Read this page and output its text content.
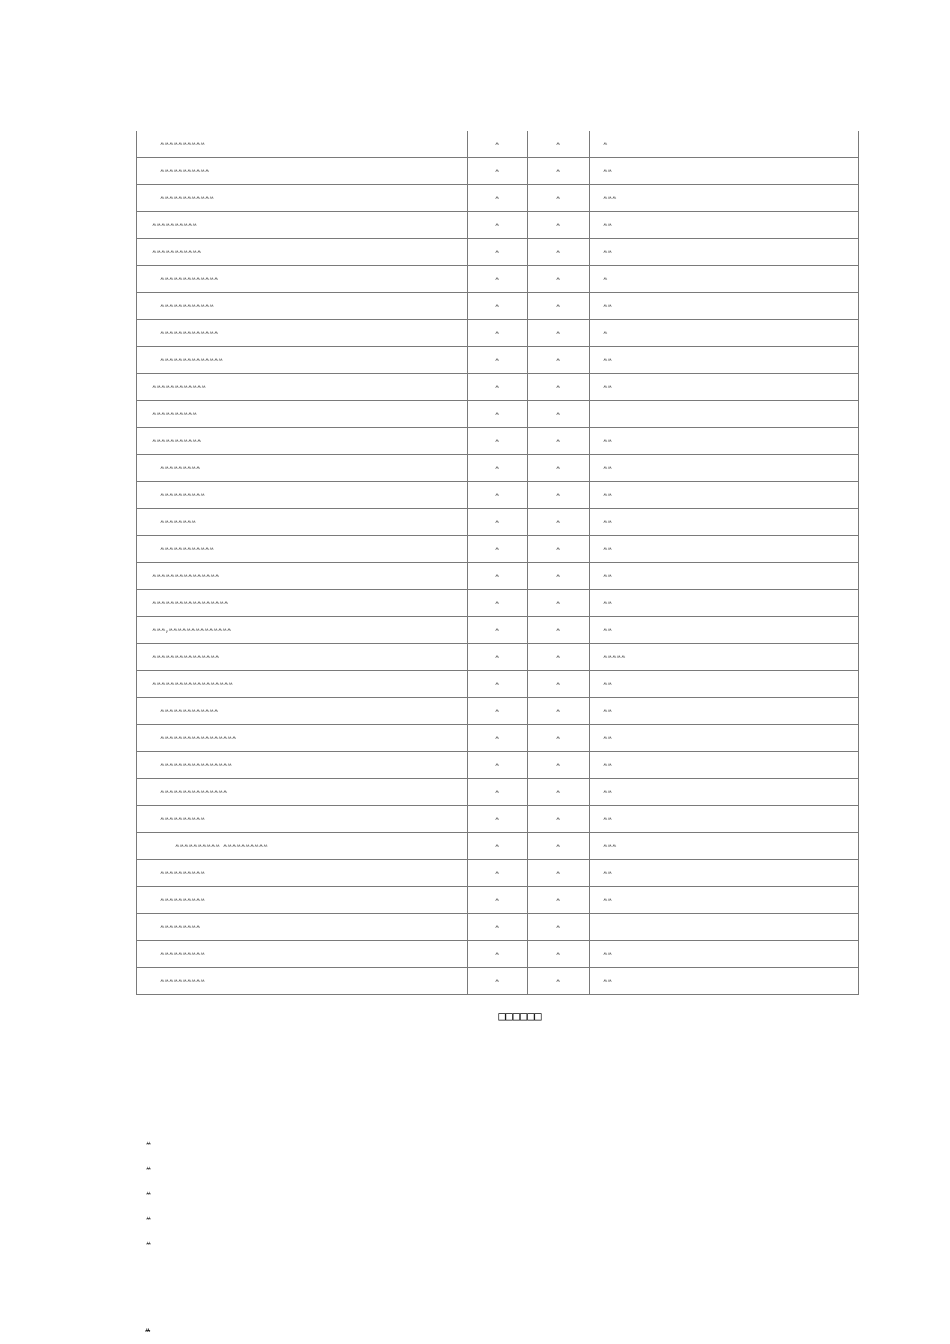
ꕀꕀꕀꕀꕀꕀꕀꕀꕀꕀ	ꕀ	ꕀ	ꕀ
ꕀꕀꕀꕀꕀꕀꕀꕀꕀꕀꕀ	ꕀ	ꕀ	ꕀꕀ
ꕀꕀꕀꕀꕀꕀꕀꕀꕀꕀꕀꕀ	ꕀ	ꕀ	ꕀꕀꕀ
ꕀꕀꕀꕀꕀꕀꕀꕀꕀꕀ	ꕀ	ꕀ	ꕀꕀ
ꕀꕀꕀꕀꕀꕀꕀꕀꕀꕀꕀ	ꕀ	ꕀ	ꕀꕀ
ꕀꕀꕀꕀꕀꕀꕀꕀꕀꕀꕀꕀꕀ	ꕀ	ꕀ	ꕀ
ꕀꕀꕀꕀꕀꕀꕀꕀꕀꕀꕀꕀ	ꕀ	ꕀ	ꕀꕀ
ꕀꕀꕀꕀꕀꕀꕀꕀꕀꕀꕀꕀꕀ	ꕀ	ꕀ	ꕀ
ꕀꕀꕀꕀꕀꕀꕀꕀꕀꕀꕀꕀꕀꕀ	ꕀ	ꕀ	ꕀꕀ
ꕀꕀꕀꕀꕀꕀꕀꕀꕀꕀꕀꕀ	ꕀ	ꕀ	ꕀꕀ
ꕀꕀꕀꕀꕀꕀꕀꕀꕀꕀ	ꕀ	ꕀ	
ꕀꕀꕀꕀꕀꕀꕀꕀꕀꕀꕀ	ꕀ	ꕀ	ꕀꕀ
ꕀꕀꕀꕀꕀꕀꕀꕀꕀ	ꕀ	ꕀ	ꕀꕀ
ꕀꕀꕀꕀꕀꕀꕀꕀꕀꕀ	ꕀ	ꕀ	ꕀꕀ
ꕀꕀꕀꕀꕀꕀꕀꕀ	ꕀ	ꕀ	ꕀꕀ
ꕀꕀꕀꕀꕀꕀꕀꕀꕀꕀꕀꕀ	ꕀ	ꕀ	ꕀꕀ
ꕀꕀꕀꕀꕀꕀꕀꕀꕀꕀꕀꕀꕀꕀꕀ	ꕀ	ꕀ	ꕀꕀ
ꕀꕀꕀꕀꕀꕀꕀꕀꕀꕀꕀꕀꕀꕀꕀꕀꕀ	ꕀ	ꕀ	ꕀꕀ
ꕀꕀꕀ,ꕀꕀꕀꕀꕀꕀꕀꕀꕀꕀꕀꕀꕀꕀ	ꕀ	ꕀ	ꕀꕀ
ꕀꕀꕀꕀꕀꕀꕀꕀꕀꕀꕀꕀꕀꕀꕀ	ꕀ	ꕀ	ꕀꕀꕀꕀꕀ
ꕀꕀꕀꕀꕀꕀꕀꕀꕀꕀꕀꕀꕀꕀꕀꕀꕀꕀ	ꕀ	ꕀ	ꕀꕀ
ꕀꕀꕀꕀꕀꕀꕀꕀꕀꕀꕀꕀꕀ	ꕀ	ꕀ	ꕀꕀ
ꕀꕀꕀꕀꕀꕀꕀꕀꕀꕀꕀꕀꕀꕀꕀꕀꕀ	ꕀ	ꕀ	ꕀꕀ
ꕀꕀꕀꕀꕀꕀꕀꕀꕀꕀꕀꕀꕀꕀꕀꕀ	ꕀ	ꕀ	ꕀꕀ
ꕀꕀꕀꕀꕀꕀꕀꕀꕀꕀꕀꕀꕀꕀꕀ	ꕀ	ꕀ	ꕀꕀ
ꕀꕀꕀꕀꕀꕀꕀꕀꕀꕀ	ꕀ	ꕀ	ꕀꕀ
ꕀꕀꕀꕀꕀꕀꕀꕀꕀꕀ ꕀꕀꕀꕀꕀꕀꕀꕀꕀꕀ	ꕀ	ꕀ	ꕀꕀꕀ
ꕀꕀꕀꕀꕀꕀꕀꕀꕀꕀ	ꕀ	ꕀ	ꕀꕀ
ꕀꕀꕀꕀꕀꕀꕀꕀꕀꕀ	ꕀ	ꕀ	ꕀꕀ
ꕀꕀꕀꕀꕀꕀꕀꕀꕀ	ꕀ	ꕀ	
ꕀꕀꕀꕀꕀꕀꕀꕀꕀꕀ	ꕀ	ꕀ	ꕀꕀ
ꕀꕀꕀꕀꕀꕀꕀꕀꕀꕀ	ꕀ	ꕀ	ꕀꕀ
□□□□□□
ꕀ
ꕀ
ꕀ
ꕀ
ꕀ
ꕀ
